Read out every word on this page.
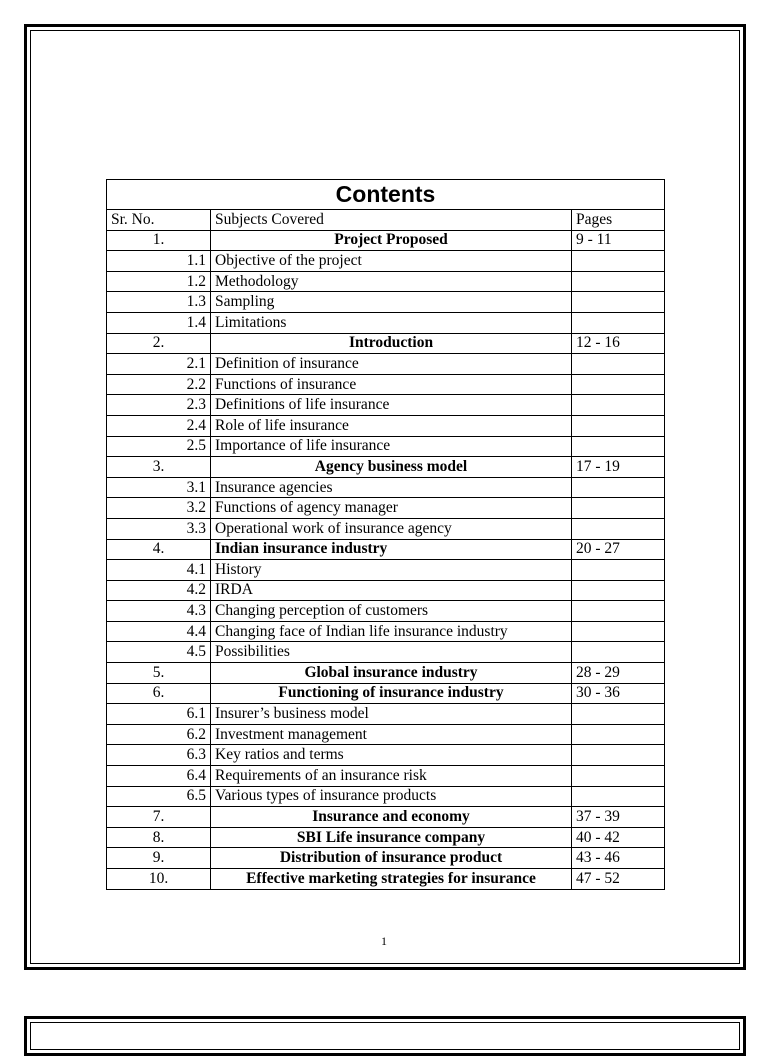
Contents		
Sr. No.	Subjects Covered	Pages
1.	Project Proposed	9 - 11
1.1	Objective of the project	
1.2	Methodology	
1.3	Sampling	
1.4	Limitations	
2.	Introduction	12 - 16
2.1	Definition of insurance	
2.2	Functions of insurance	
2.3	Definitions of life insurance	
2.4	Role of life insurance	
2.5	Importance of life insurance	
3.	Agency business model	17 - 19
3.1	Insurance agencies	
3.2	Functions of agency manager	
3.3	Operational work of insurance agency	
4.	Indian insurance industry	20 - 27
4.1	History	
4.2	IRDA	
4.3	Changing perception of customers	
4.4	Changing face of Indian life insurance industry	
4.5	Possibilities	
5.	Global insurance industry	28 - 29
6.	Functioning of insurance industry	30 - 36
6.1	Insurer’s business model	
6.2	Investment management	
6.3	Key ratios and terms	
6.4	Requirements of an insurance risk	
6.5	Various types of insurance products	
7.	Insurance and economy	37 - 39
8.	SBI Life insurance company	40 - 42
9.	Distribution of insurance product	43 - 46
10.	Effective marketing strategies for insurance	47 - 52
1
